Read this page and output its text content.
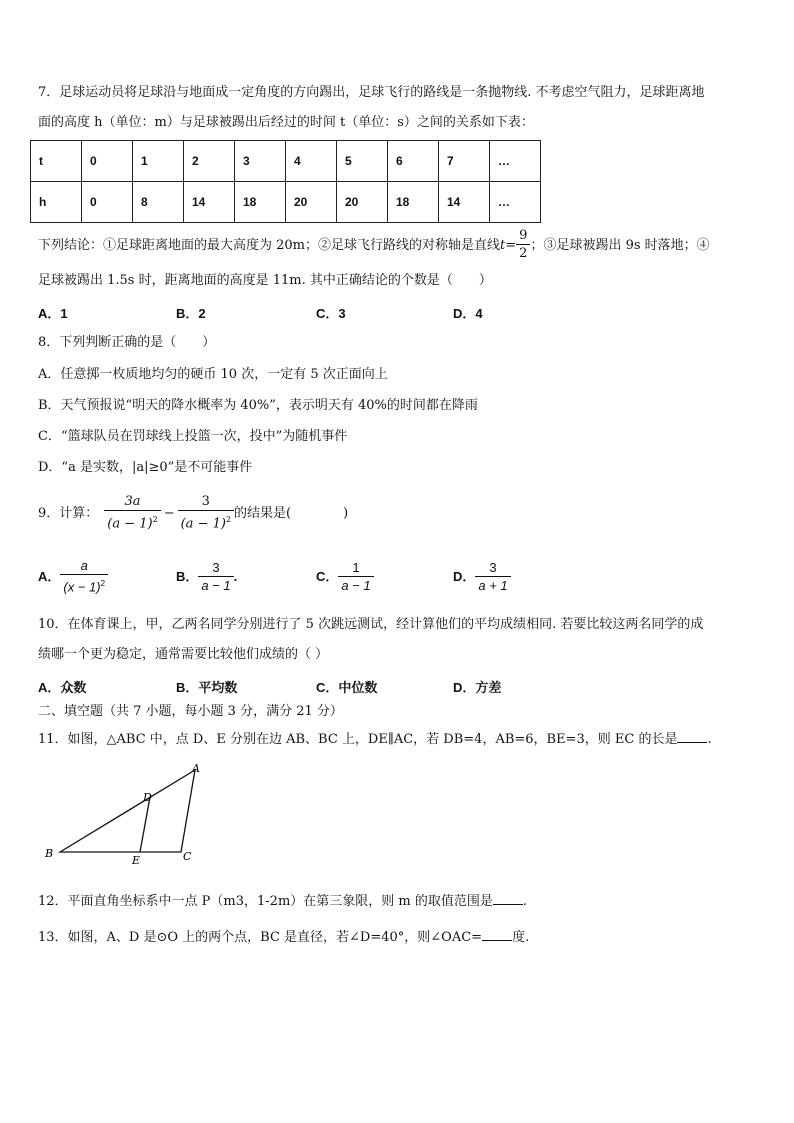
7．足球运动员将足球沿与地面成一定角度的方向踢出，足球飞行的路线是一条抛物线. 不考虑空气阻力，足球距离地
面的高度 h（单位：m）与足球被踢出后经过的时间 t（单位：s）之间的关系如下表：
t	0	1	2	3	4	5	6	7	…
h	0	8	14	18	20	20	18	14	…
下列结论：①足球距离地面的最大高度为 20m；②足球飞行路线的对称轴是直线$t= \frac{9}{2}$ ；③足球被踢出 9s 时落地；④
足球被踢出 1.5s 时，距离地面的高度是 11m. 其中正确结论的个数是（　　）
A．1	B．2	C．3	D．4
8．下列判断正确的是（　　）
A．任意掷一枚质地均匀的硬币 10 次，一定有 5 次正面向上
B．天气预报说“明天的降水概率为 40%”，表示明天有 40%的时间都在降雨
C．“篮球队员在罚球线上投篮一次，投中”为随机事件
D．“a 是实数，|a|≥0”是不可能事件
9．计算： $\frac{3a}{(a - 1)^2} - \frac{3}{(a - 1)^2}$ 的结果是(　　　　)
A． $\frac{a}{(x - 1)^2}$	B． $\frac{3}{a - 1}$ .	C． $\frac{1}{a - 1}$	D． $\frac{3}{a + 1}$
10．在体育课上，甲，乙两名同学分别进行了 5 次跳远测试，经计算他们的平均成绩相同. 若要比较这两名同学的成
绩哪一个更为稳定，通常需要比较他们成绩的（ ）
A．众数	B．平均数	C．中位数	D．方差
二、填空题（共 7 小题，每小题 3 分，满分 21 分）
11．如图，△ABC 中，点 D、E 分别在边 AB、BC 上，DE∥AC，若 DB=4，AB=6，BE=3，则 EC 的长是 .
A
B	C
D
E
12．平面直角坐标系中一点 P（m3，1-2m）在第三象限，则 m 的取值范围是 .
13．如图，A、D 是⊙O 上的两个点，BC 是直径，若∠D=40°，则∠OAC= 度.
